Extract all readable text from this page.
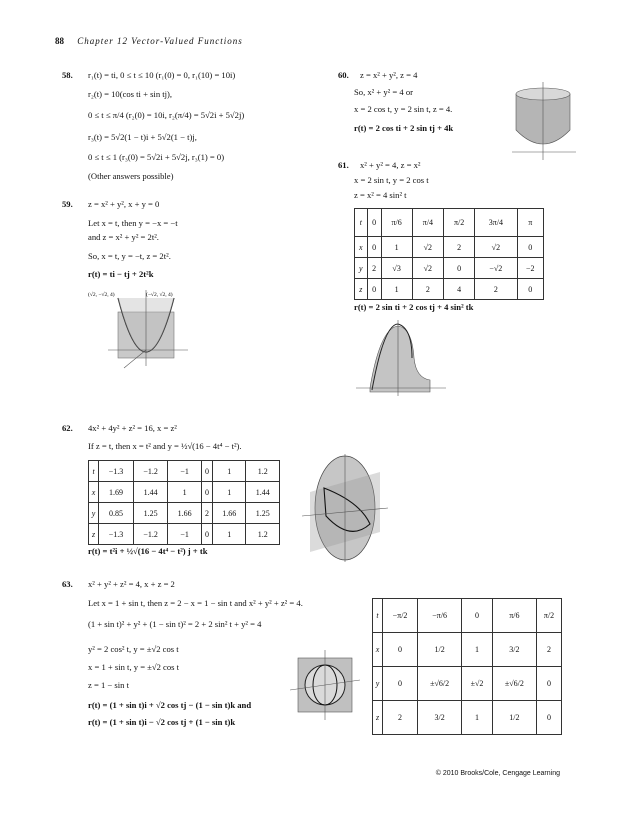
88 Chapter 12 Vector-Valued Functions
58. r₁(t) = ti, 0 ≤ t ≤ 10 (r₁(0) = 0, r₁(10) = 10i)
r₂(t) = 10(cos ti + sin tj),
0 ≤ t ≤ π/4 (r₂(0) = 10i, r₂(π/4) = 5√2i + 5√2j)
r₃(t) = 5√2(1 − t)i + 5√2(1 − t)j,
0 ≤ t ≤ 1 (r₃(0) = 5√2i + 5√2j, r₃(1) = 0)
(Other answers possible)
59. z = x² + y², x + y = 0
Let x = t, then y = −x = −t
and z = x² + y² = 2t².
So, x = t, y = −t, z = 2t².
r(t) = ti − tj + 2t²k
(√2, −√2, 4)	(−√2, √2, 4)
60. z = x² + y², z = 4
So, x² + y² = 4 or
x = 2 cos t, y = 2 sin t, z = 4.
r(t) = 2 cos ti + 2 sin tj + 4k
61. x² + y² = 4, z = x²
x = 2 sin t, y = 2 cos t
z = x² = 4 sin² t
t	0	π/6	π/4	π/2	3π/4	π
x	0	1	√2	2	√2	0
y	2	√3	√2	0	−√2	−2
z	0	1	2	4	2	0
r(t) = 2 sin ti + 2 cos tj + 4 sin² tk
62. 4x² + 4y² + z² = 16, x = z²
If z = t, then x = t² and y = ½√(16 − 4t⁴ − t²).
t	−1.3	−1.2	−1	0	1	1.2
x	1.69	1.44	1	0	1	1.44
y	0.85	1.25	1.66	2	1.66	1.25
z	−1.3	−1.2	−1	0	1	1.2
r(t) = t²i + ½√(16 − 4t⁴ − t²) j + tk
63. x² + y² + z² = 4, x + z = 2
Let x = 1 + sin t, then z = 2 − x = 1 − sin t and x² + y² + z² = 4.
(1 + sin t)² + y² + (1 − sin t)² = 2 + 2 sin² t + y² = 4
y² = 2 cos² t, y = ±√2 cos t
x = 1 + sin t, y = ±√2 cos t
z = 1 − sin t
r(t) = (1 + sin t)i + √2 cos tj − (1 − sin t)k and
r(t) = (1 + sin t)i − √2 cos tj + (1 − sin t)k
t	−π/2	−π/6	0	π/6	π/2
x	0	1/2	1	3/2	2
y	0	±√6/2	±√2	±√6/2	0
z	2	3/2	1	1/2	0
© 2010 Brooks/Cole, Cengage Learning
